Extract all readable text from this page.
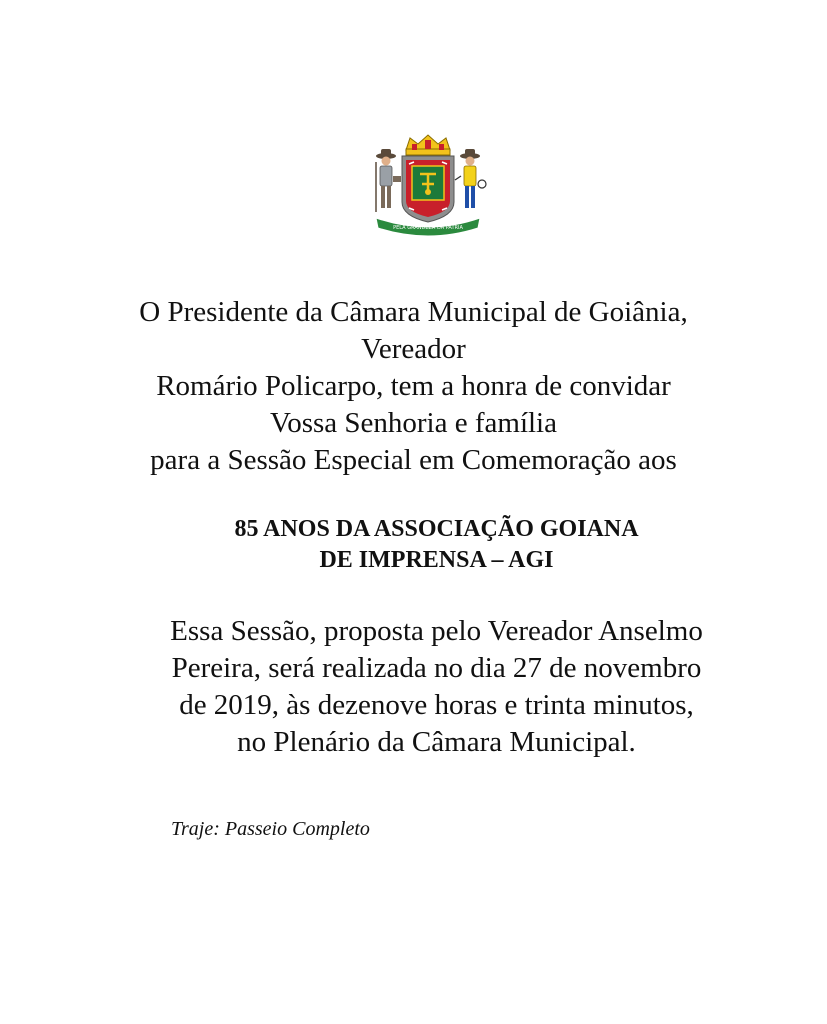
PELA GRANDEZA DA PÁTRIA
O Presidente da Câmara Municipal de Goiânia,
Vereador
Romário Policarpo, tem a honra de convidar
Vossa Senhoria e família
para a Sessão Especial em Comemoração aos
85 ANOS DA ASSOCIAÇÃO GOIANA
DE IMPRENSA – AGI
Essa Sessão, proposta pelo Vereador Anselmo
Pereira, será realizada no dia 27 de novembro
de 2019, às dezenove horas e trinta minutos,
no Plenário da Câmara Municipal.
Traje: Passeio Completo
